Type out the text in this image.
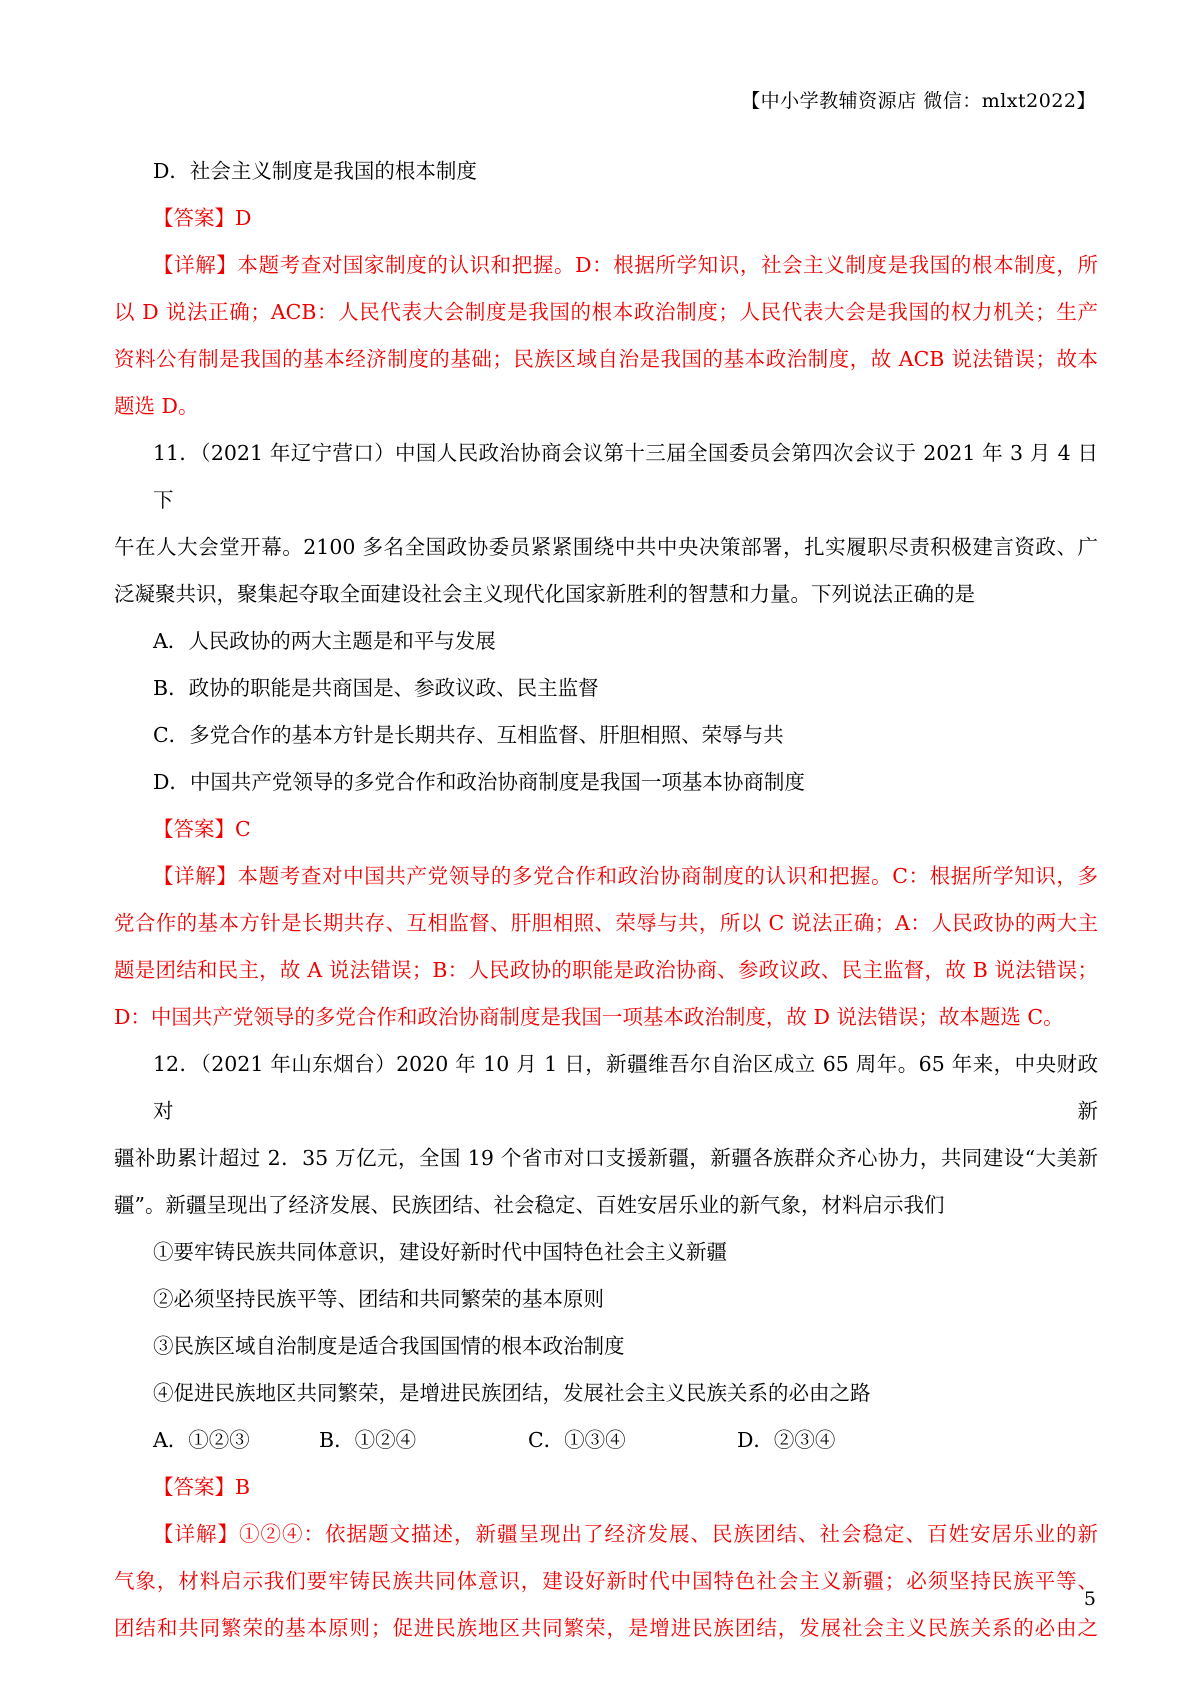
【中小学教辅资源店 微信：mlxt2022】

D．社会主义制度是我国的根本制度

【答案】D

【详解】本题考查对国家制度的认识和把握。D：根据所学知识，社会主义制度是我国的根本制度，所

以 D 说法正确；ACB：人民代表大会制度是我国的根本政治制度；人民代表大会是我国的权力机关；生产

资料公有制是我国的基本经济制度的基础；民族区域自治是我国的基本政治制度，故 ACB 说法错误；故本

题选 D。

11．（2021 年辽宁营口）中国人民政治协商会议第十三届全国委员会第四次会议于 2021 年 3 月 4 日下

午在人大会堂开幕。2100 多名全国政协委员紧紧围绕中共中央决策部署，扎实履职尽责积极建言资政、广

泛凝聚共识，聚集起夺取全面建设社会主义现代化国家新胜利的智慧和力量。下列说法正确的是

A．人民政协的两大主题是和平与发展

B．政协的职能是共商国是、参政议政、民主监督

C．多党合作的基本方针是长期共存、互相监督、肝胆相照、荣辱与共

D．中国共产党领导的多党合作和政治协商制度是我国一项基本协商制度

【答案】C

【详解】本题考查对中国共产党领导的多党合作和政治协商制度的认识和把握。C：根据所学知识，多

党合作的基本方针是长期共存、互相监督、肝胆相照、荣辱与共，所以 C 说法正确；A：人民政协的两大主

题是团结和民主，故 A 说法错误；B：人民政协的职能是政治协商、参政议政、民主监督，故 B 说法错误；

D：中国共产党领导的多党合作和政治协商制度是我国一项基本政治制度，故 D 说法错误；故本题选 C。

12．（2021 年山东烟台）2020 年 10 月 1 日，新疆维吾尔自治区成立 65 周年。65 年来，中央财政对新

疆补助累计超过 2．35 万亿元，全国 19 个省市对口支援新疆，新疆各族群众齐心协力，共同建设“大美新

疆”。新疆呈现出了经济发展、民族团结、社会稳定、百姓安居乐业的新气象，材料启示我们

①要牢铸民族共同体意识，建设好新时代中国特色社会主义新疆

②必须坚持民族平等、团结和共同繁荣的基本原则

③民族区域自治制度是适合我国国情的根本政治制度

④促进民族地区共同繁荣，是增进民族团结，发展社会主义民族关系的必由之路

A．①②③	B．①②④	C．①③④	D．②③④

【答案】B

【详解】①②④：依据题文描述，新疆呈现出了经济发展、民族团结、社会稳定、百姓安居乐业的新

气象，材料启示我们要牢铸民族共同体意识，建设好新时代中国特色社会主义新疆；必须坚持民族平等、

团结和共同繁荣的基本原则；促进民族地区共同繁荣，是增进民族团结，发展社会主义民族关系的必由之

5
